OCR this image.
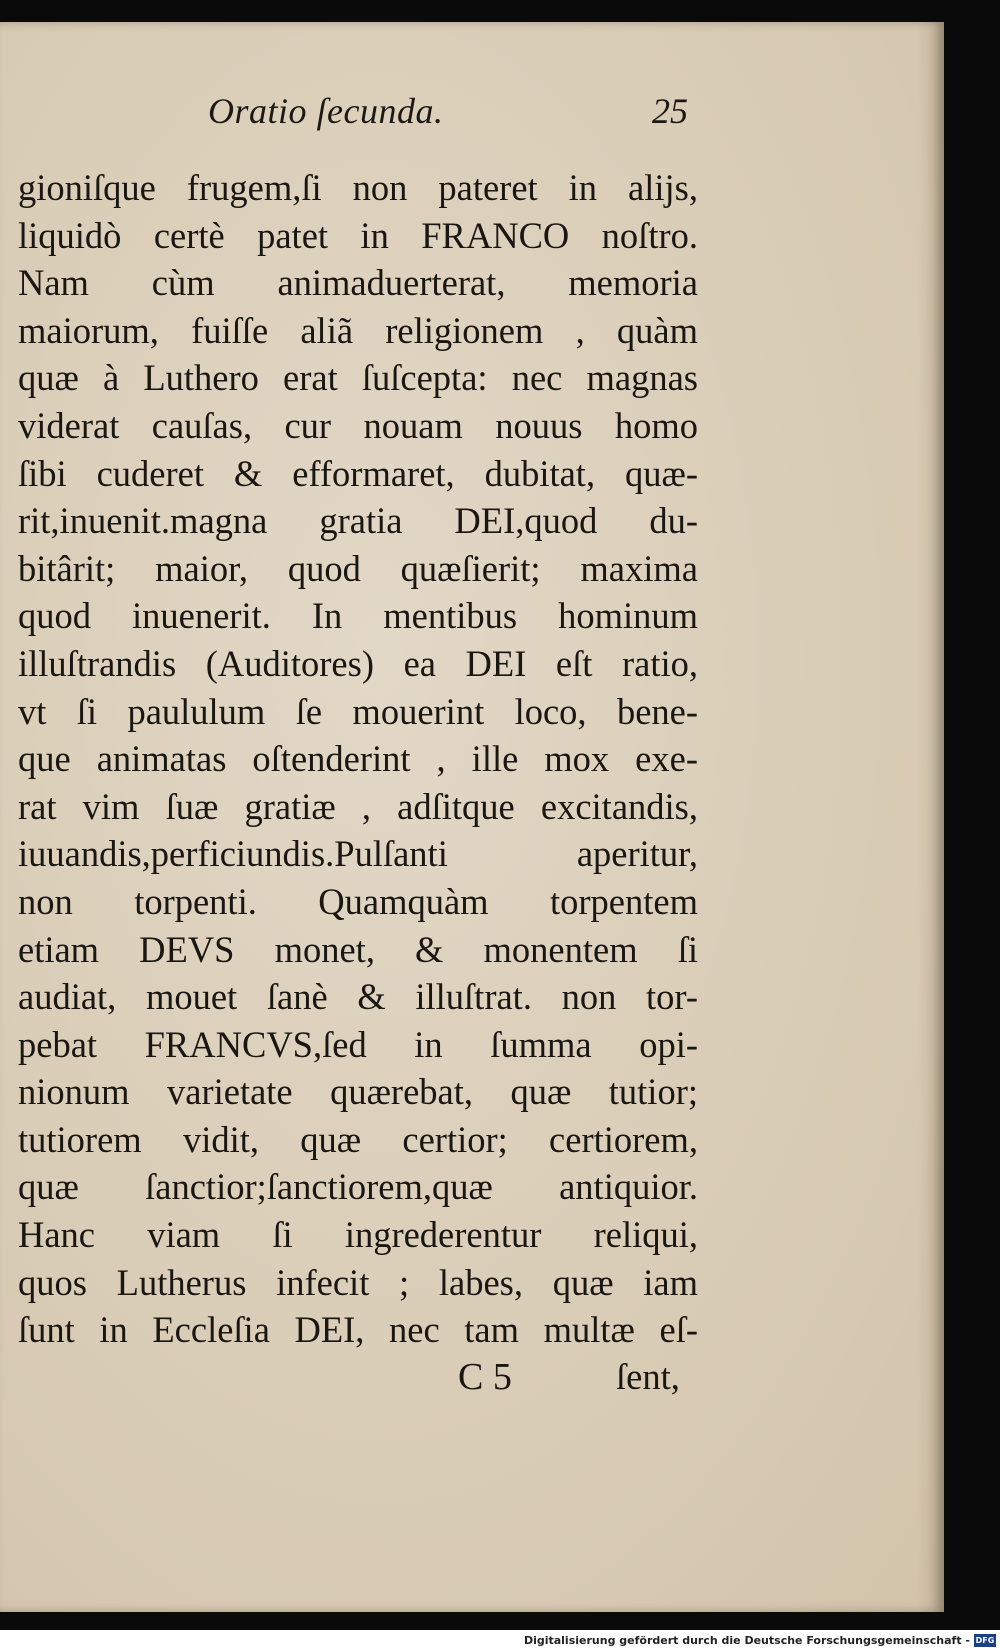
Oratio ſecunda.	25
gioniſque frugem,ſi non pateret in aliјs,
liquidò certè patet in FRANCO noſtro.
Nam cùm animaduerterat, memoria
maiorum, fuiſſe aliã religionem , quàm
quæ à Luthero erat ſuſcepta: nec magnas
viderat cauſas, cur nouam nouus homo
ſibi cuderet & efformaret, dubitat, quæ-
rit,inuenit.magna gratia DEI,quod du-
bitârit; maior, quod quæſierit; maxima
quod inuenerit. In mentibus hominum
illuſtrandis (Auditores) ea DEI eſt ratio,
vt ſi paululum ſe mouerint loco, bene-
que animatas oſtenderint , ille mox exe-
rat vim ſuæ gratiæ , adſitque excitandis,
iuuandis,perficiundis.Pulſanti aperitur,
non torpenti. Quamquàm torpentem
etiam DEVS monet, & monentem ſi
audiat, mouet ſanè & illuſtrat. non tor-
pebat FRANCVS,ſed in ſumma opi-
nionum varietate quærebat, quæ tutior;
tutiorem vidit, quæ certior; certiorem,
quæ ſanctior;ſanctiorem,quæ antiquior.
Hanc viam ſi ingrederentur reliqui,
quos Lutherus infecit ; labes, quæ iam
ſunt in Eccleſia DEI, nec tam multæ eſ-
C 5	ſent,
Digitalisierung gefördert durch die Deutsche Forschungsgemeinschaft - DFG
